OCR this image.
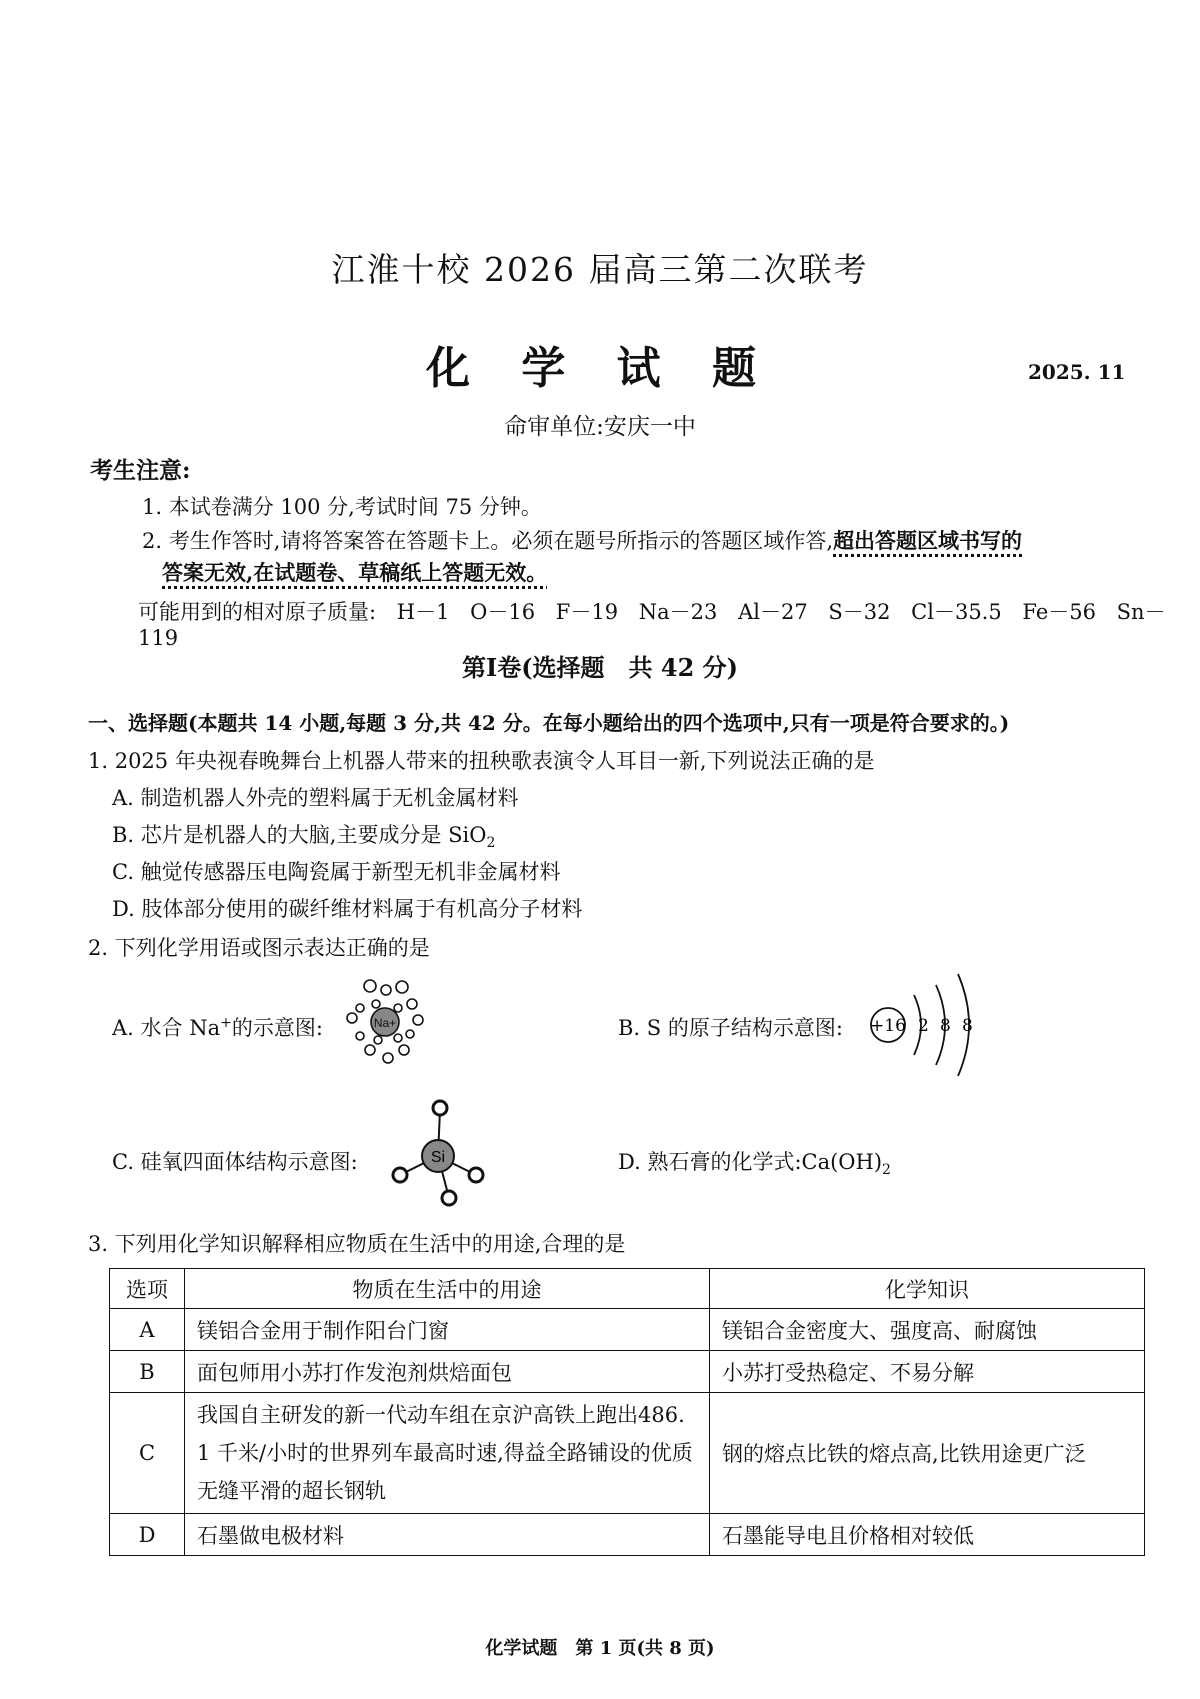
江淮十校 2026 届高三第二次联考
化 学 试 题	2025. 11
命审单位:安庆一中
考生注意:
1. 本试卷满分 100 分,考试时间 75 分钟。
2. 考生作答时,请将答案答在答题卡上。必须在题号所指示的答题区域作答,超出答题区域书写的
答案无效,在试题卷、草稿纸上答题无效。
可能用到的相对原子质量: H－1 O－16 F－19 Na－23 Al－27 S－32 Cl－35.5 Fe－56 Sn－119
第Ⅰ卷(选择题　共 42 分)
一、选择题(本题共 14 小题,每题 3 分,共 42 分。在每小题给出的四个选项中,只有一项是符合要求的。)
1. 2025 年央视春晚舞台上机器人带来的扭秧歌表演令人耳目一新,下列说法正确的是
A. 制造机器人外壳的塑料属于无机金属材料
B. 芯片是机器人的大脑,主要成分是 SiO$_2$
C. 触觉传感器压电陶瓷属于新型无机非金属材料
D. 肢体部分使用的碳纤维材料属于有机高分子材料
2. 下列化学用语或图示表达正确的是
A. 水合 Na+的示意图:	Na+	B. S 的原子结构示意图: +16 2 8 8
C. 硅氧四面体结构示意图:	Si	D. 熟石膏的化学式$:Ca(OH)_2$
3. 下列用化学知识解释相应物质在生活中的用途,合理的是
选项	物质在生活中的用途	化学知识
A	镁铝合金用于制作阳台门窗	镁铝合金密度大、强度高、耐腐蚀
B	面包师用小苏打作发泡剂烘焙面包	小苏打受热稳定、不易分解
C	我国自主研发的新一代动车组在京沪高铁上跑出486. 1 千米/小时的世界列车最高时速,得益全路铺设的优质无缝平滑的超长钢轨	钢的熔点比铁的熔点高,比铁用途更广泛
D	石墨做电极材料	石墨能导电且价格相对较低
化学试题　第 1 页(共 8 页)
